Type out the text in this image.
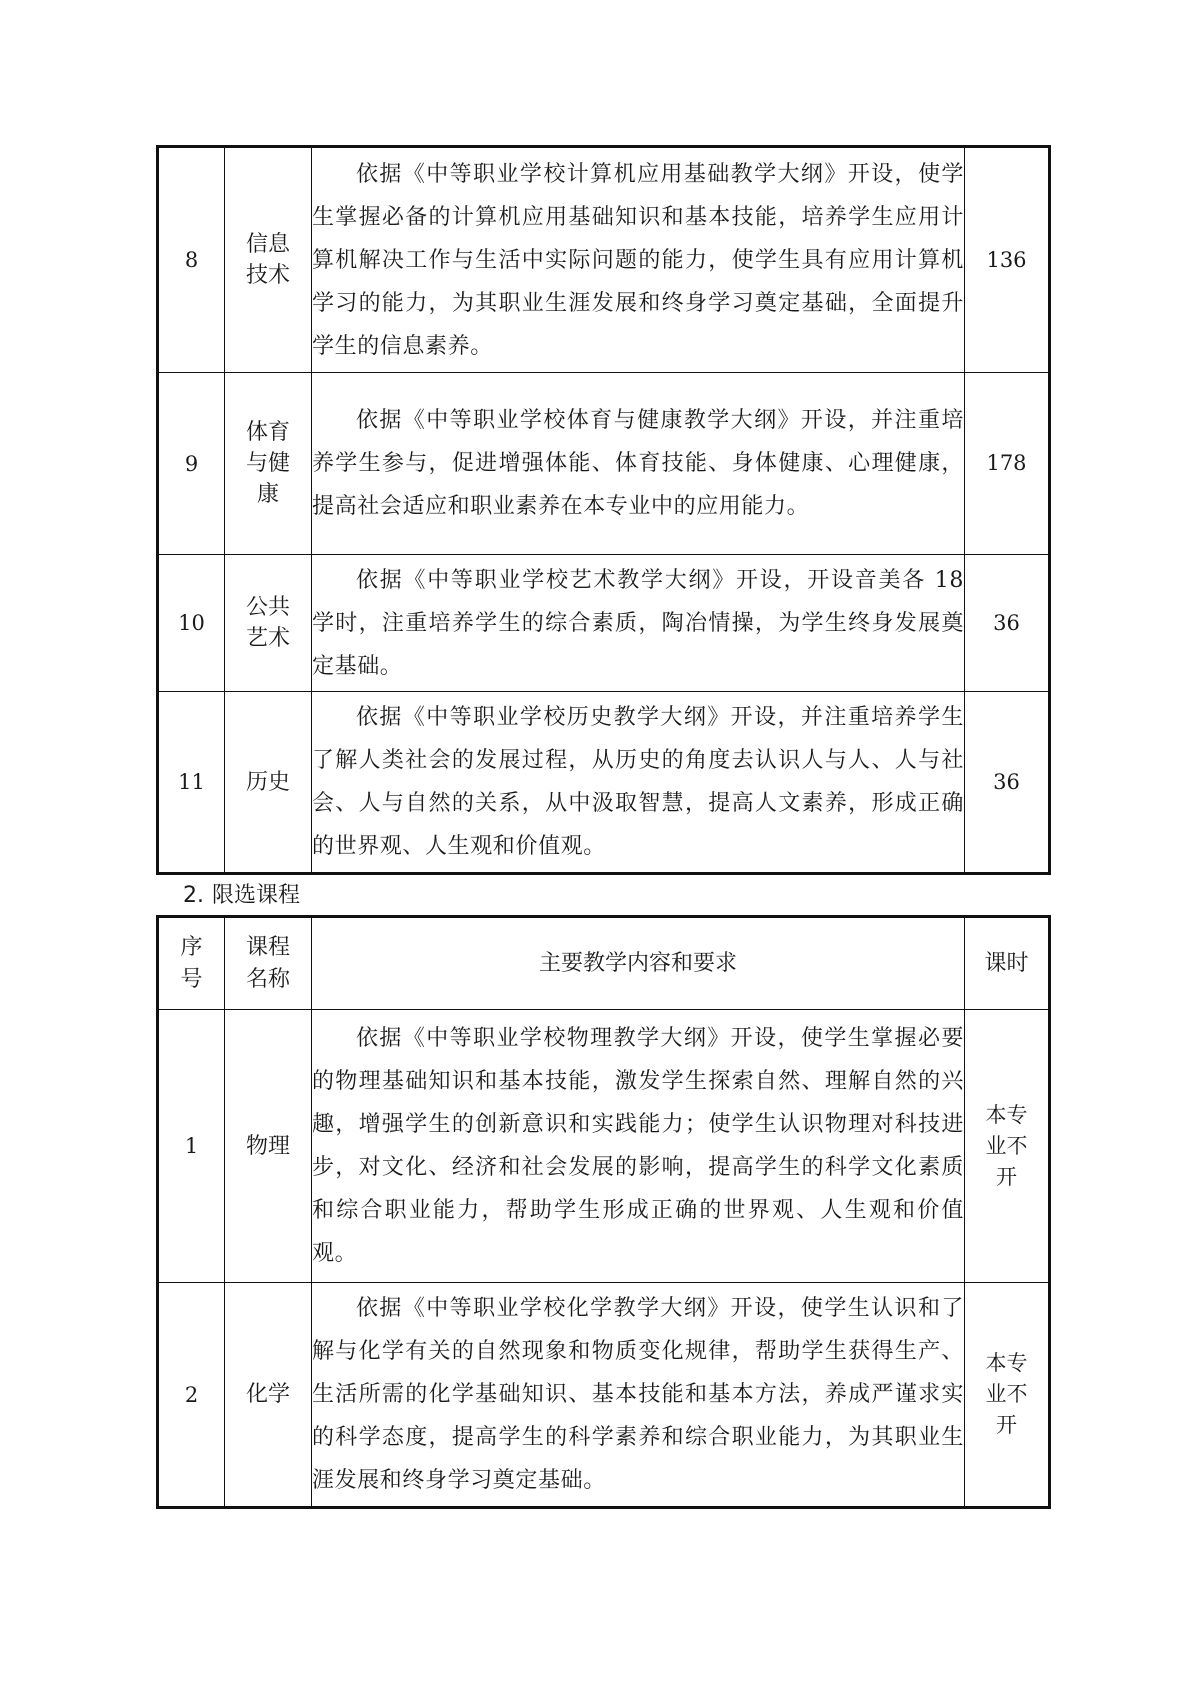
8	信息技术	依据《中等职业学校计算机应用基础教学大纲》开设，使学生掌握必备的计算机应用基础知识和基本技能，培养学生应用计算机解决工作与生活中实际问题的能力，使学生具有应用计算机学习的能力，为其职业生涯发展和终身学习奠定基础，全面提升学生的信息素养。	136
9	体育与健康	依据《中等职业学校体育与健康教学大纲》开设，并注重培养学生参与，促进增强体能、体育技能、身体健康、心理健康，提高社会适应和职业素养在本专业中的应用能力。	178
10	公共艺术	依据《中等职业学校艺术教学大纲》开设，开设音美各 18 学时，注重培养学生的综合素质，陶冶情操，为学生终身发展奠定基础。	36
11	历史	依据《中等职业学校历史教学大纲》开设，并注重培养学生了解人类社会的发展过程，从历史的角度去认识人与人、人与社会、人与自然的关系，从中汲取智慧，提高人文素养，形成正确的世界观、人生观和价值观。	36
2. 限选课程
序号	课程名称	主要教学内容和要求	课时
1	物理	依据《中等职业学校物理教学大纲》开设，使学生掌握必要的物理基础知识和基本技能，激发学生探索自然、理解自然的兴趣，增强学生的创新意识和实践能力；使学生认识物理对科技进步，对文化、经济和社会发展的影响，提高学生的科学文化素质和综合职业能力，帮助学生形成正确的世界观、人生观和价值观。	本专业不开
2	化学	依据《中等职业学校化学教学大纲》开设，使学生认识和了解与化学有关的自然现象和物质变化规律，帮助学生获得生产、生活所需的化学基础知识、基本技能和基本方法，养成严谨求实的科学态度，提高学生的科学素养和综合职业能力，为其职业生涯发展和终身学习奠定基础。	本专业不开
